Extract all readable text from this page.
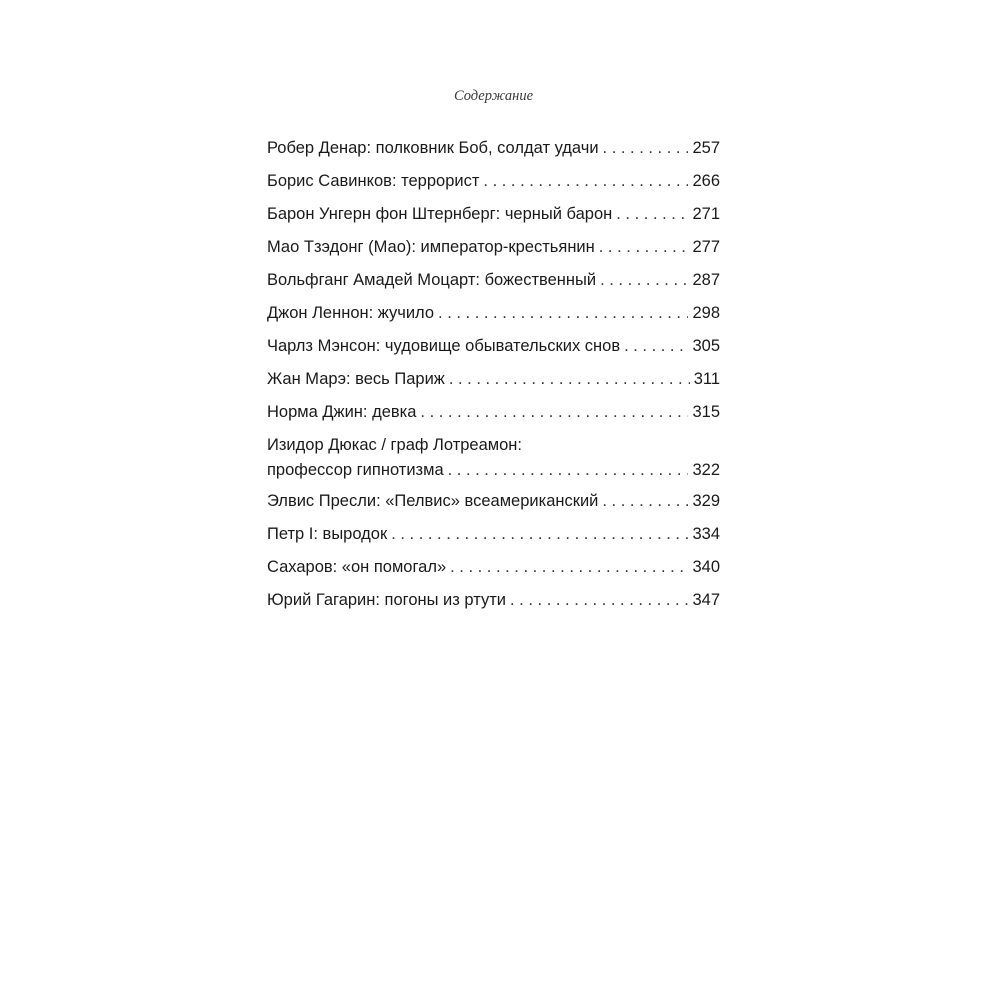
Содержание
Робер Денар: полковник Боб, солдат удачи . . .	257
Борис Савинков: террорист . . .	266
Барон Унгерн фон Штернберг: черный барон . . .	271
Мао Тзэдонг (Мао): император-крестьянин . . .	277
Вольфганг Амадей Моцарт: божественный . . .	287
Джон Леннон: жучило . . .	298
Чарлз Мэнсон: чудовище обывательских снов . . .	305
Жан Марэ: весь Париж . . .	311
Норма Джин: девка . . .	315
Изидор Дюкас / граф Лотреамон:
профессор гипнотизма . . .	322
Элвис Пресли: «Пелвис» всеамериканский . . .	329
Петр I: выродок . . .	334
Сахаров: «он помогал» . . .	340
Юрий Гагарин: погоны из ртути . . .	347
